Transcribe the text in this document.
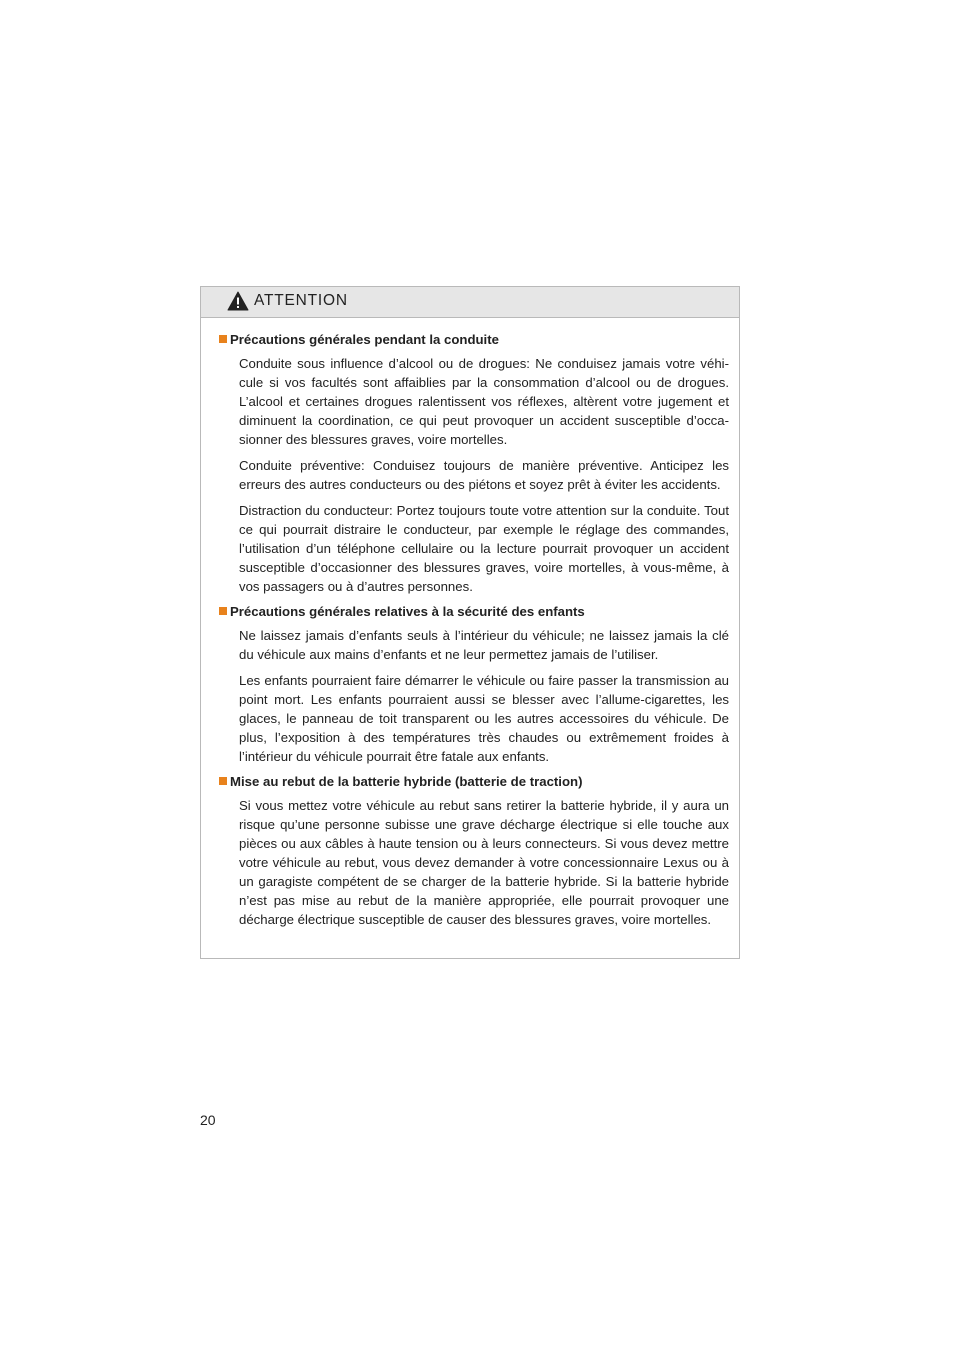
ATTENTION
Précautions générales pendant la conduite

Conduite sous influence d’alcool ou de drogues: Ne conduisez jamais votre véhi-cule si vos facultés sont affaiblies par la consommation d’alcool ou de drogues. L’alcool et certaines drogues ralentissent vos réflexes, altèrent votre jugement et diminuent la coordination, ce qui peut provoquer un accident susceptible d’occa-sionner des blessures graves, voire mortelles.

Conduite préventive: Conduisez toujours de manière préventive. Anticipez les erreurs des autres conducteurs ou des piétons et soyez prêt à éviter les accidents.

Distraction du conducteur: Portez toujours toute votre attention sur la conduite. Tout ce qui pourrait distraire le conducteur, par exemple le réglage des commandes, l’utilisation d’un téléphone cellulaire ou la lecture pourrait provoquer un accident susceptible d’occasionner des blessures graves, voire mortelles, à vous-même, à vos passagers ou à d’autres personnes.

Précautions générales relatives à la sécurité des enfants

Ne laissez jamais d’enfants seuls à l’intérieur du véhicule; ne laissez jamais la clé du véhicule aux mains d’enfants et ne leur permettez jamais de l’utiliser.

Les enfants pourraient faire démarrer le véhicule ou faire passer la transmission au point mort. Les enfants pourraient aussi se blesser avec l’allume-cigarettes, les glaces, le panneau de toit transparent ou les autres accessoires du véhicule. De plus, l’exposition à des températures très chaudes ou extrêmement froides à l’intérieur du véhicule pourrait être fatale aux enfants.

Mise au rebut de la batterie hybride (batterie de traction)

Si vous mettez votre véhicule au rebut sans retirer la batterie hybride, il y aura un risque qu’une personne subisse une grave décharge électrique si elle touche aux pièces ou aux câbles à haute tension ou à leurs connecteurs. Si vous devez mettre votre véhicule au rebut, vous devez demander à votre concessionnaire Lexus ou à un garagiste compétent de se charger de la batterie hybride. Si la batterie hybride n’est pas mise au rebut de la manière appropriée, elle pourrait provoquer une décharge électrique susceptible de causer des blessures graves, voire mortelles.

20
